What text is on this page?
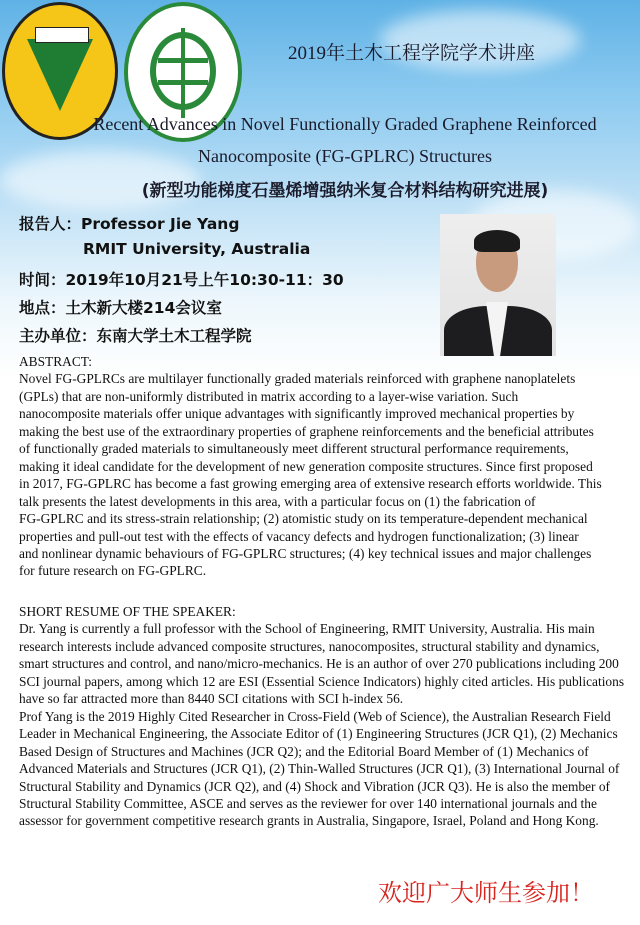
2019年土木工程学院学术讲座
Recent Advances in Novel Functionally Graded Graphene Reinforced
Nanocomposite (FG-GPLRC) Structures
(新型功能梯度石墨烯增强纳米复合材料结构研究进展)
报告人：Professor Jie Yang
RMIT University, Australia
时间：2019年10月21号上午10:30-11：30
地点：土木新大楼214会议室
主办单位：东南大学土木工程学院
ABSTRACT:
Novel FG-GPLRCs are multilayer functionally graded materials reinforced with graphene nanoplatelets
(GPLs) that are non-uniformly distributed in matrix according to a layer-wise variation. Such
nanocomposite materials offer unique advantages with significantly improved mechanical properties by
making the best use of the extraordinary properties of graphene reinforcements and the beneficial attributes
of functionally graded materials to simultaneously meet different structural performance requirements,
making it ideal candidate for the development of new generation composite structures. Since first proposed
in 2017, FG-GPLRC has become a fast growing emerging area of extensive research efforts worldwide. This
talk presents the latest developments in this area, with a particular focus on (1) the fabrication of
FG-GPLRC and its stress-strain relationship; (2) atomistic study on its temperature-dependent mechanical
properties and pull-out test with the effects of vacancy defects and hydrogen functionalization; (3) linear
and nonlinear dynamic behaviours of FG-GPLRC structures; (4) key technical issues and major challenges
for future research on FG-GPLRC.
SHORT RESUME OF THE SPEAKER:
Dr. Yang is currently a full professor with the School of Engineering, RMIT University, Australia. His main
research interests include advanced composite structures, nanocomposites, structural stability and dynamics,
smart structures and control, and nano/micro-mechanics. He is an author of over 270 publications including 200
SCI journal papers, among which 12 are ESI (Essential Science Indicators) highly cited articles. His publications
have so far attracted more than 8440 SCI citations with SCI h-index 56.
Prof Yang is the 2019 Highly Cited Researcher in Cross-Field (Web of Science), the Australian Research Field
Leader in Mechanical Engineering, the Associate Editor of (1) Engineering Structures (JCR Q1), (2) Mechanics
Based Design of Structures and Machines (JCR Q2); and the Editorial Board Member of (1) Mechanics of
Advanced Materials and Structures (JCR Q1), (2) Thin-Walled Structures (JCR Q1), (3) International Journal of
Structural Stability and Dynamics (JCR Q2), and (4) Shock and Vibration (JCR Q3). He is also the member of
Structural Stability Committee, ASCE and serves as the reviewer for over 140 international journals and the
assessor for government competitive research grants in Australia, Singapore, Israel, Poland and Hong Kong.
欢迎广大师生参加！
